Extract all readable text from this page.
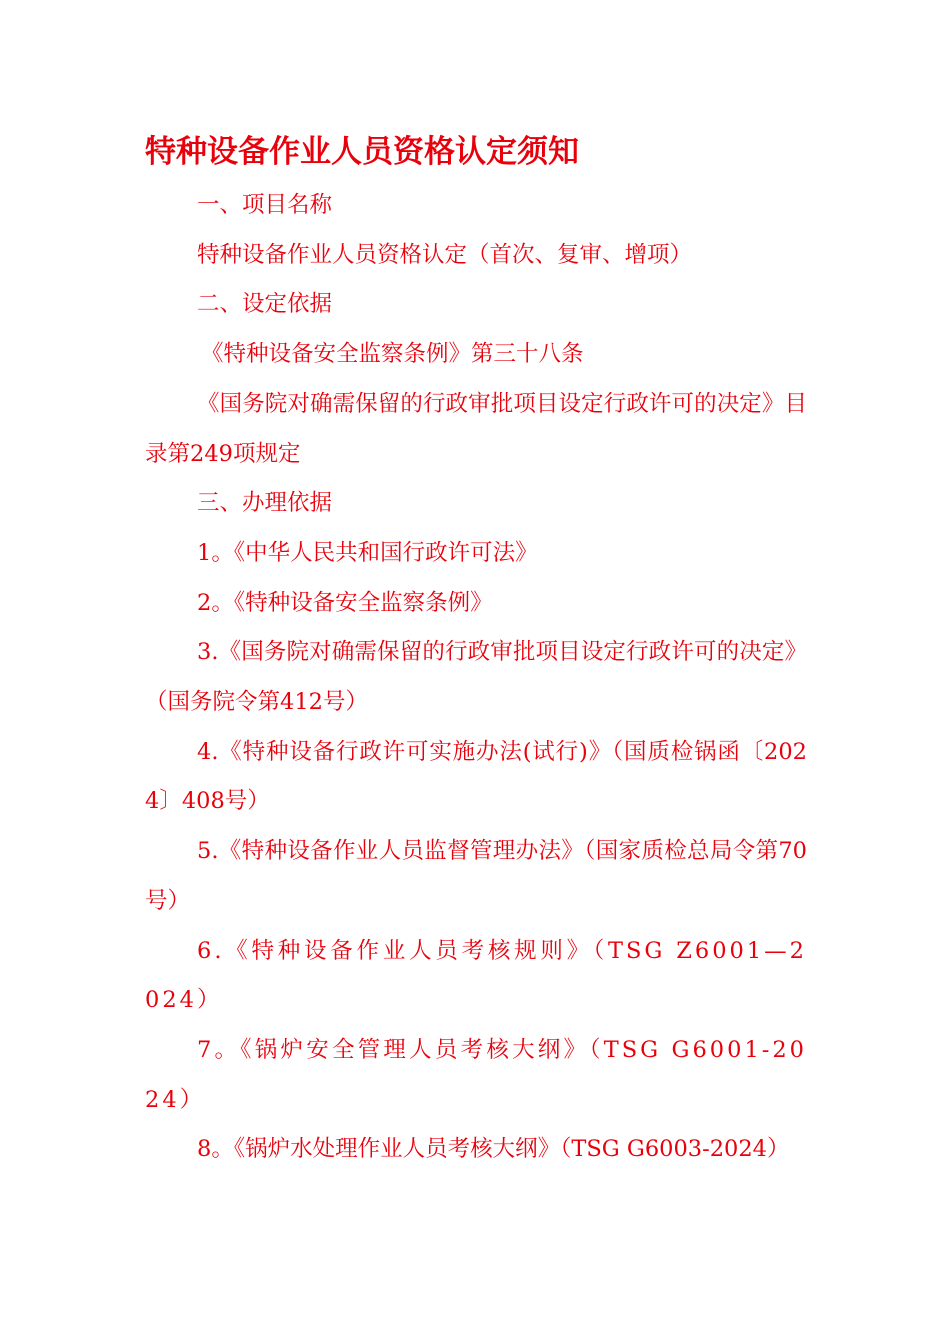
特种设备作业人员资格认定须知
一、项目名称
特种设备作业人员资格认定（首次、复审、增项）
二、设定依据
《特种设备安全监察条例》第三十八条
《国务院对确需保留的行政审批项目设定行政许可的决定》目录第249项规定
三、办理依据
1。《中华人民共和国行政许可法》
2。《特种设备安全监察条例》
3.《国务院对确需保留的行政审批项目设定行政许可的决定》（国务院令第412号）
4.《特种设备行政许可实施办法(试行)》（国质检锅函〔2024〕408号）
5.《特种设备作业人员监督管理办法》（国家质检总局令第70号）
6.《特种设备作业人员考核规则》（TSG Z6001—2024）
7。《锅炉安全管理人员考核大纲》（TSG G6001-2024）
8。《锅炉水处理作业人员考核大纲》（TSG G6003-2024）
